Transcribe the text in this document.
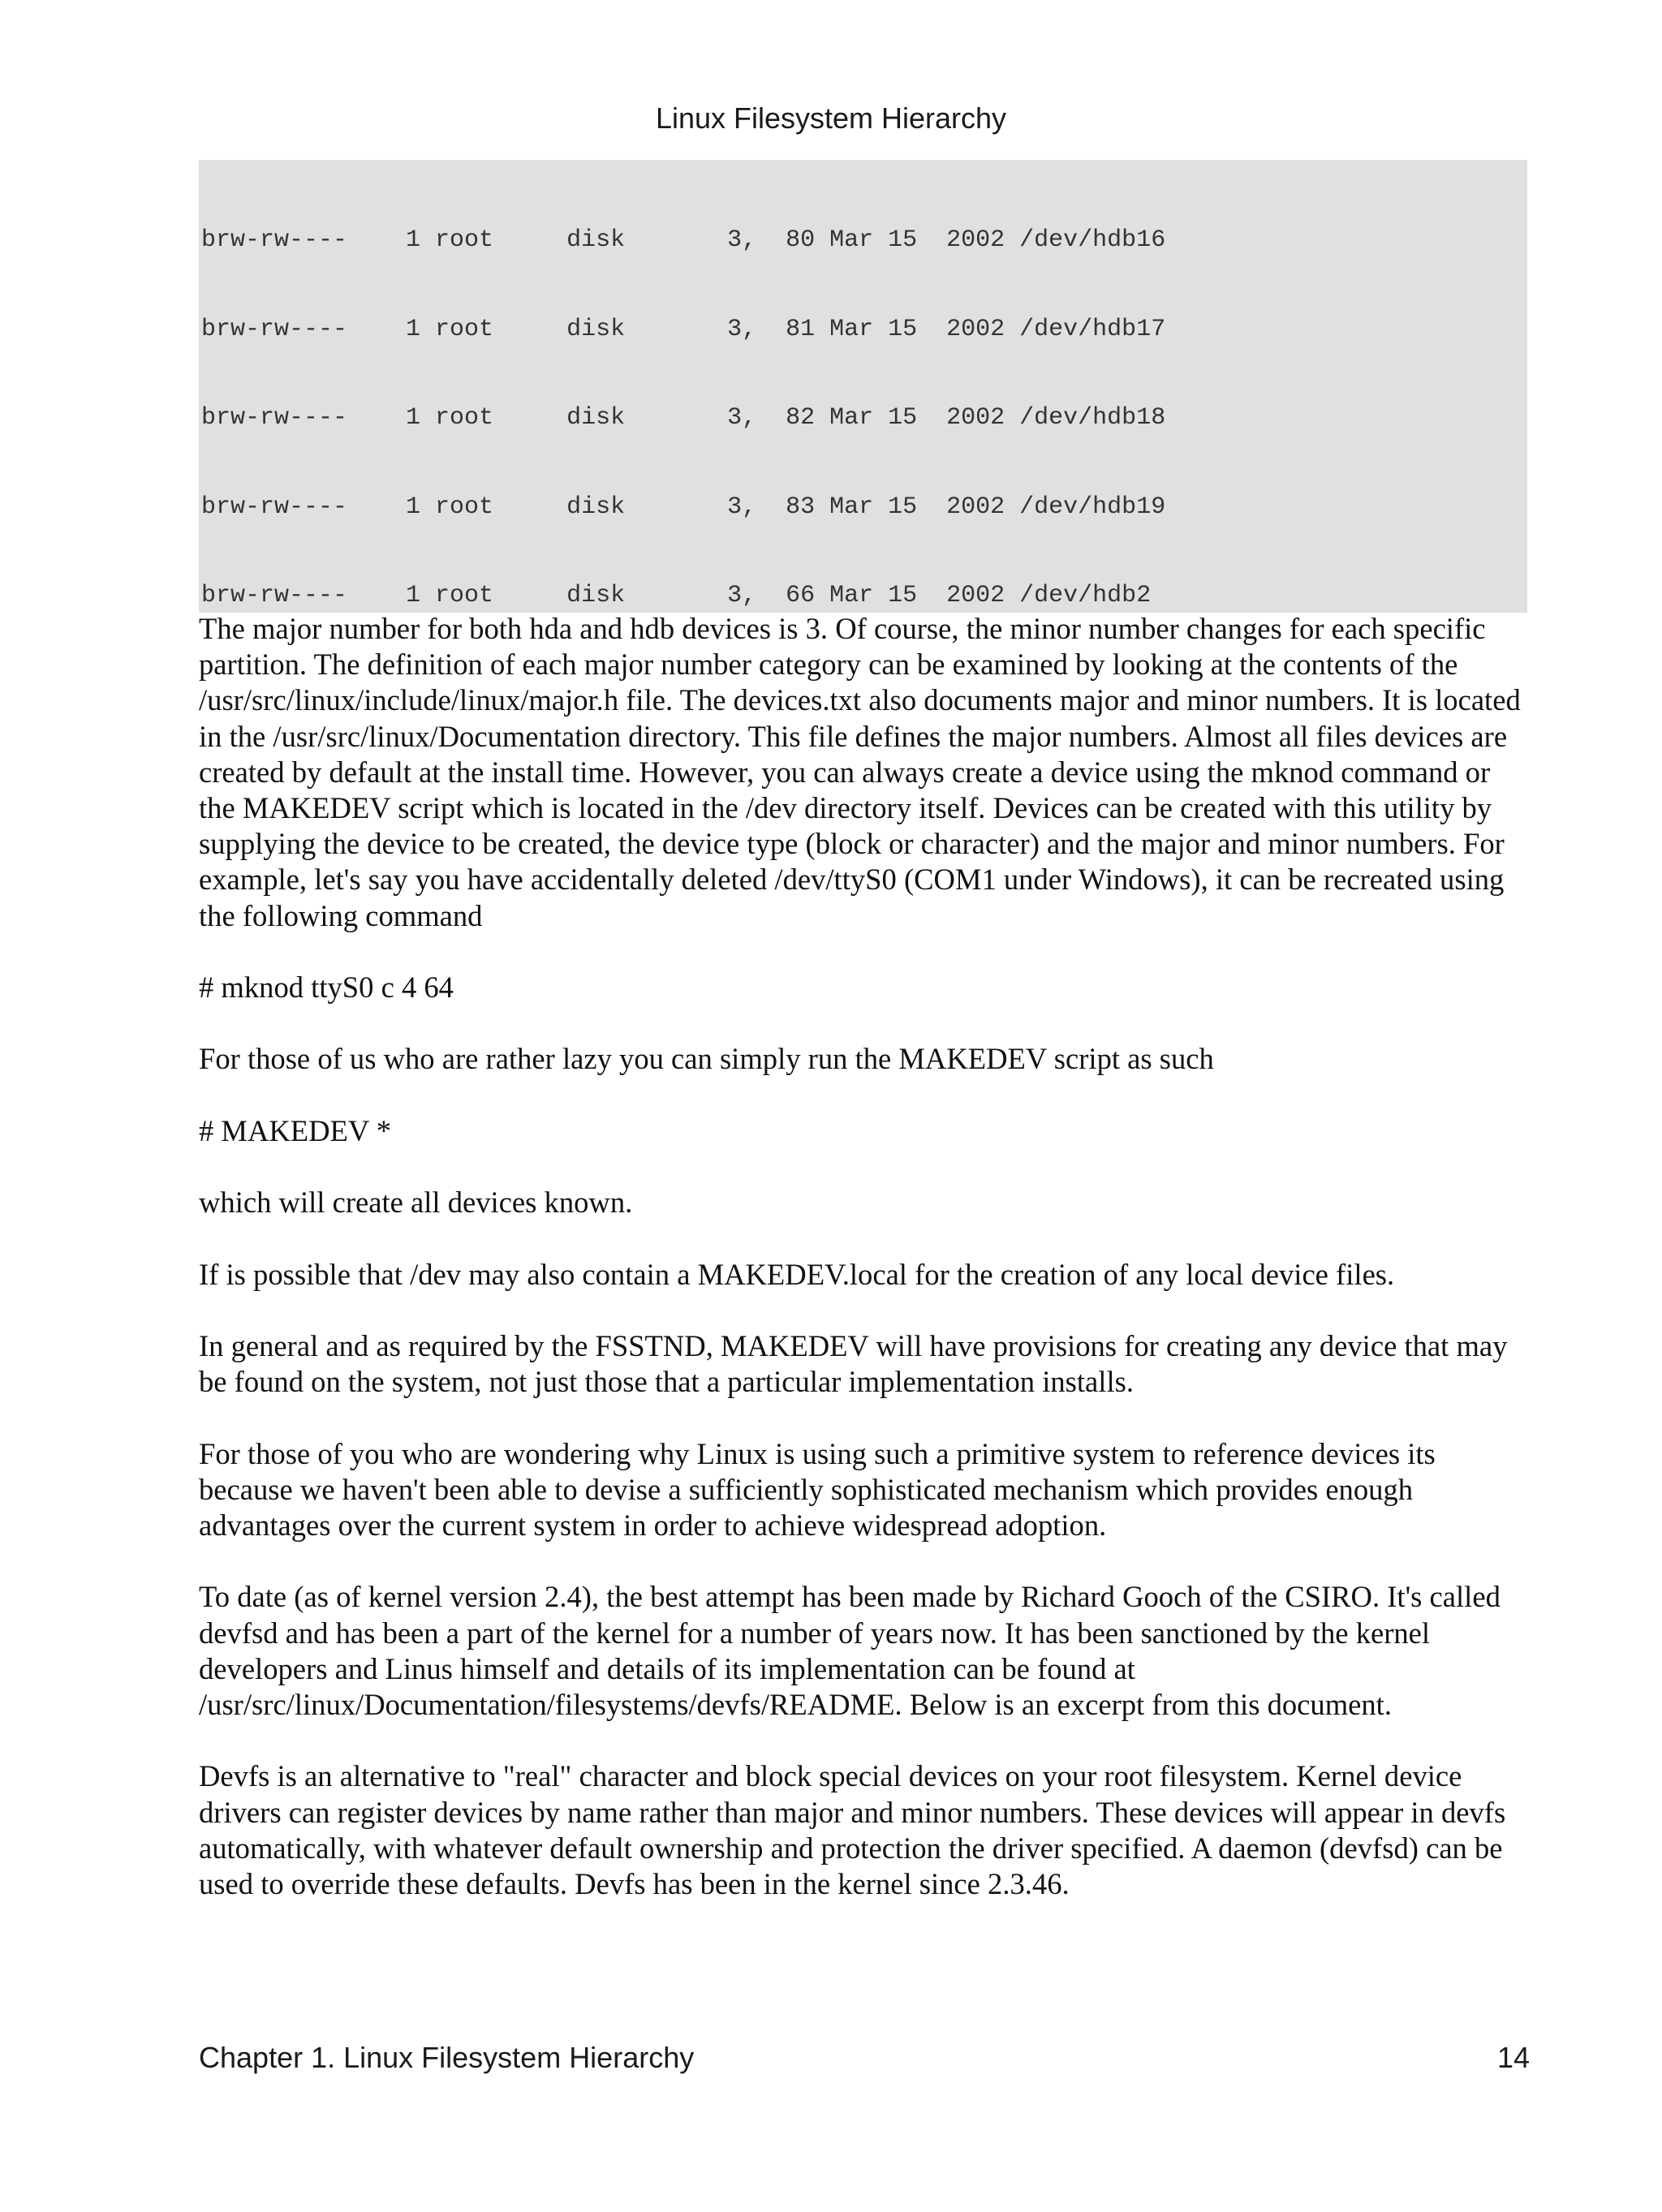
Linux Filesystem Hierarchy

brw-rw----    1 root     disk       3,  80 Mar 15  2002 /dev/hdb16

brw-rw----    1 root     disk       3,  81 Mar 15  2002 /dev/hdb17

brw-rw----    1 root     disk       3,  82 Mar 15  2002 /dev/hdb18

brw-rw----    1 root     disk       3,  83 Mar 15  2002 /dev/hdb19

brw-rw----    1 root     disk       3,  66 Mar 15  2002 /dev/hdb2

The major number for both hda and hdb devices is 3. Of course, the minor number changes for each specific partition. The definition of each major number category can be examined by looking at the contents of the /usr/src/linux/include/linux/major.h file. The devices.txt also documents major and minor numbers. It is located in the /usr/src/linux/Documentation directory. This file defines the major numbers. Almost all files devices are created by default at the install time. However, you can always create a device using the mknod command or the MAKEDEV script which is located in the /dev directory itself. Devices can be created with this utility by supplying the device to be created, the device type (block or character) and the major and minor numbers. For example, let's say you have accidentally deleted /dev/ttyS0 (COM1 under Windows), it can be recreated using the following command

# mknod ttyS0 c 4 64

For those of us who are rather lazy you can simply run the MAKEDEV script as such

# MAKEDEV *

which will create all devices known.

If is possible that /dev may also contain a MAKEDEV.local for the creation of any local device files.

In general and as required by the FSSTND, MAKEDEV will have provisions for creating any device that may be found on the system, not just those that a particular implementation installs.

For those of you who are wondering why Linux is using such a primitive system to reference devices its because we haven't been able to devise a sufficiently sophisticated mechanism which provides enough advantages over the current system in order to achieve widespread adoption.

To date (as of kernel version 2.4), the best attempt has been made by Richard Gooch of the CSIRO. It's called devfsd and has been a part of the kernel for a number of years now. It has been sanctioned by the kernel developers and Linus himself and details of its implementation can be found at /usr/src/linux/Documentation/filesystems/devfs/README. Below is an excerpt from this document.

Devfs is an alternative to "real" character and block special devices on your root filesystem. Kernel device drivers can register devices by name rather than major and minor numbers. These devices will appear in devfs automatically, with whatever default ownership and protection the driver specified. A daemon (devfsd) can be used to override these defaults. Devfs has been in the kernel since 2.3.46.

Chapter 1. Linux Filesystem Hierarchy	14
